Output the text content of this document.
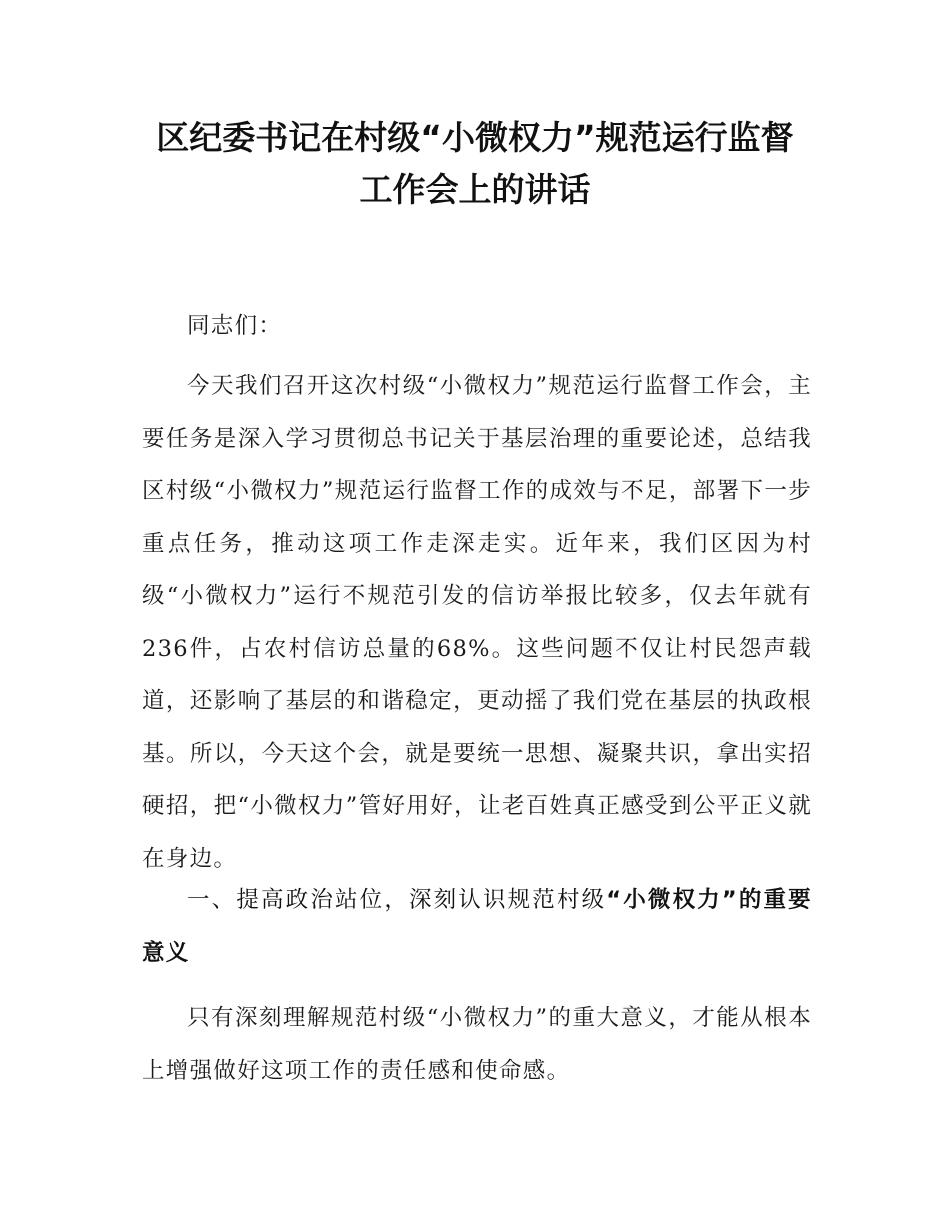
区纪委书记在村级“小微权力”规范运行监督工作会上的讲话

同志们：

今天我们召开这次村级“小微权力”规范运行监督工作会，主要任务是深入学习贯彻总书记关于基层治理的重要论述，总结我区村级“小微权力”规范运行监督工作的成效与不足，部署下一步重点任务，推动这项工作走深走实。近年来，我们区因为村级“小微权力”运行不规范引发的信访举报比较多，仅去年就有236件，占农村信访总量的68%。这些问题不仅让村民怨声载道，还影响了基层的和谐稳定，更动摇了我们党在基层的执政根基。所以，今天这个会，就是要统一思想、凝聚共识，拿出实招硬招，把“小微权力”管好用好，让老百姓真正感受到公平正义就在身边。

一、提高政治站位，深刻认识规范村级“小微权力”的重要意义

只有深刻理解规范村级“小微权力”的重大意义，才能从根本上增强做好这项工作的责任感和使命感。
